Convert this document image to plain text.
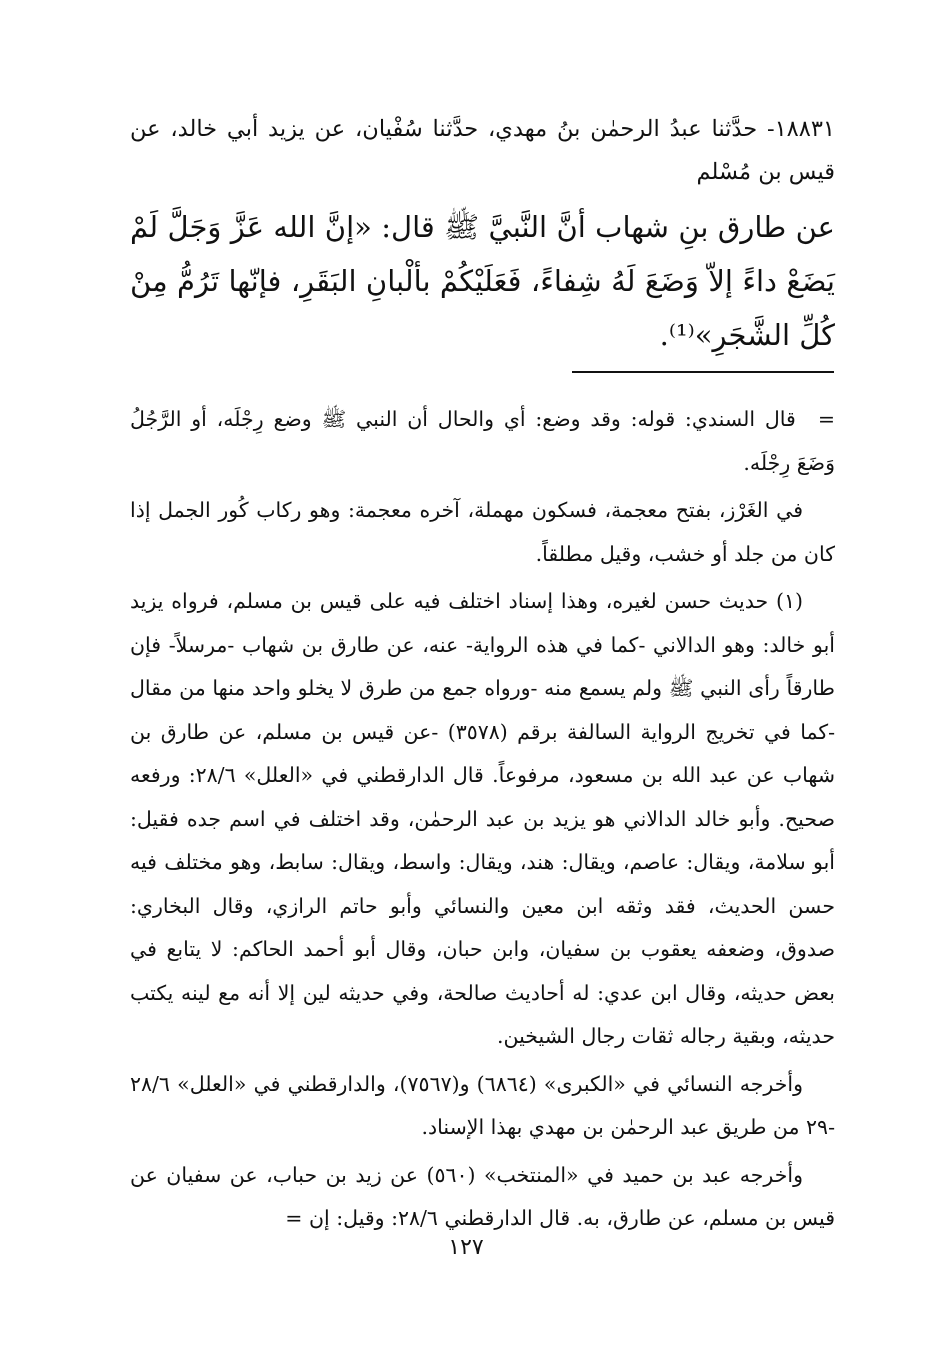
١٨٨٣١- حدَّثنا عبدُ الرحمٰن بنُ مهدي، حدَّثنا سُفْيان، عن يزيد أبي خالد، عن قيس بن مُسْلم
عن طارق بنِ شهاب أنَّ النَّبيَّ ﷺ قال: «إنَّ الله عَزَّ وَجَلَّ لَمْ يَضَعْ داءً إلاّ وَضَعَ لَهُ شِفاءً، فَعَلَيْكُمْ بألْبانِ البَقَرِ، فإنّها تَرُمُّ مِنْ كُلِّ الشَّجَرِ»⁽¹⁾.

=قال السندي: قوله: وقد وضع: أي والحال أن النبي ﷺ وضع رِجْلَه، أو الرَّجُلُ وَضَعَ رِجْلَه.

في الغَرْز، بفتح معجمة، فسكون مهملة، آخره معجمة: وهو ركاب كُور الجمل إذا كان من جلد أو خشب، وقيل مطلقاً.

(١) حديث حسن لغيره، وهذا إسناد اختلف فيه على قيس بن مسلم، فرواه يزيد أبو خالد: وهو الدالاني -كما في هذه الرواية- عنه، عن طارق بن شهاب -مرسلاً- فإن طارقاً رأى النبي ﷺ ولم يسمع منه -ورواه جمع من طرق لا يخلو واحد منها من مقال -كما في تخريج الرواية السالفة برقم (٣٥٧٨) -عن قيس بن مسلم، عن طارق بن شهاب عن عبد الله بن مسعود، مرفوعاً. قال الدارقطني في «العلل» ٢٨/٦: ورفعه صحيح. وأبو خالد الدالاني هو يزيد بن عبد الرحمٰن، وقد اختلف في اسم جده فقيل: أبو سلامة، ويقال: عاصم، ويقال: هند، ويقال: واسط، ويقال: سابط، وهو مختلف فيه حسن الحديث، فقد وثقه ابن معين والنسائي وأبو حاتم الرازي، وقال البخاري: صدوق، وضعفه يعقوب بن سفيان، وابن حبان، وقال أبو أحمد الحاكم: لا يتابع في بعض حديثه، وقال ابن عدي: له أحاديث صالحة، وفي حديثه لين إلا أنه مع لينه يكتب حديثه، وبقية رجاله ثقات رجال الشيخين.

وأخرجه النسائي في «الكبرى» (٦٨٦٤) و(٧٥٦٧)، والدارقطني في «العلل» ٢٨/٦ -٢٩ من طريق عبد الرحمٰن بن مهدي بهذا الإسناد.

وأخرجه عبد بن حميد في «المنتخب» (٥٦٠) عن زيد بن حباب، عن سفيان عن قيس بن مسلم، عن طارق، به. قال الدارقطني ٢٨/٦: وقيل: إن =

١٢٧
